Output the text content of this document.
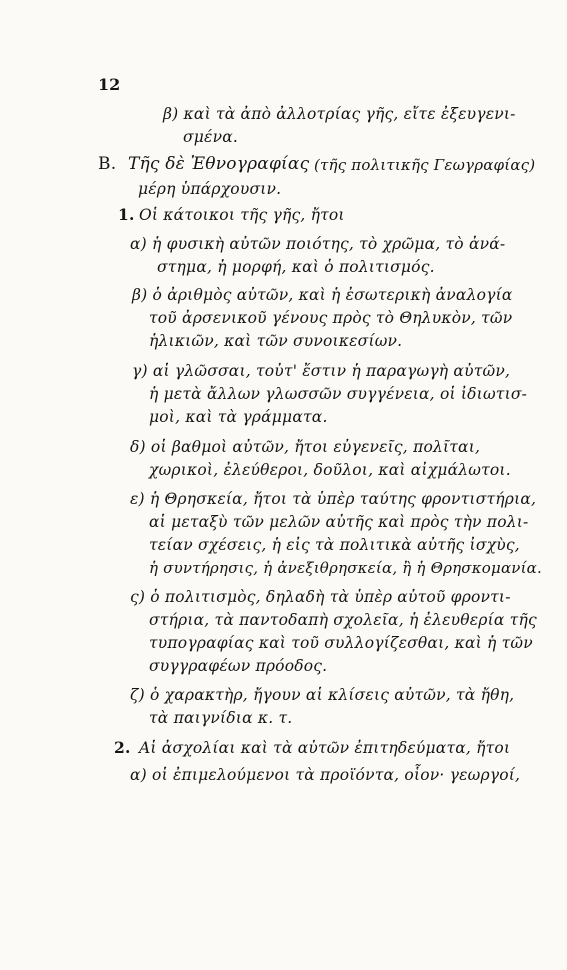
12
β) καὶ τὰ ἀπὸ ἀλλοτρίας γῆς, εἴτε ἐξευγενι-
σμένα.
B. Τῆς δὲ Ἐθνογραφίας (τῆς πολιτικῆς Γεωγραφίας)
μέρη ὑπάρχουσιν.
1. Οἱ κάτοικοι τῆς γῆς, ἤτοι
α) ἡ φυσικὴ αὐτῶν ποιότης, τὸ χρῶμα, τὸ ἀνά-
στημα, ἡ μορφή, καὶ ὁ πολιτισμός.
β) ὁ ἀριθμὸς αὐτῶν, καὶ ἡ ἐσωτερικὴ ἀναλογία
τοῦ ἀρσενικοῦ γένους πρὸς τὸ Θηλυκὸν, τῶν
ἡλικιῶν, καὶ τῶν συνοικεσίων.
γ) αἱ γλῶσσαι, τοὐτ' ἔστιν ἡ παραγωγὴ αὐτῶν,
ἡ μετὰ ἄλλων γλωσσῶν συγγένεια, οἱ ἰδιωτισ-
μοὶ, καὶ τὰ γράμματα.
δ) οἱ βαθμοὶ αὐτῶν, ἤτοι εὐγενεῖς, πολῖται,
χωρικοὶ, ἐλεύθεροι, δοῦλοι, καὶ αἰχμάλωτοι.
ε) ἡ Θρησκεία, ἤτοι τὰ ὑπὲρ ταύτης φροντιστήρια,
αἱ μεταξὺ τῶν μελῶν αὐτῆς καὶ πρὸς τὴν πολι-
τείαν σχέσεις, ἡ εἰς τὰ πολιτικὰ αὐτῆς ἰσχὺς,
ἡ συντήρησις, ἡ ἀνεξιθρησκεία, ἢ ἡ Θρησκομανία.
ς) ὁ πολιτισμὸς, δηλαδὴ τὰ ὑπὲρ αὐτοῦ φροντι-
στήρια, τὰ παντοδαπὴ σχολεῖα, ἡ ἐλευθερία τῆς
τυπογραφίας καὶ τοῦ συλλογίζεσθαι, καὶ ἡ τῶν
συγγραφέων πρόοδος.
ζ) ὁ χαρακτὴρ, ἤγουν αἱ κλίσεις αὐτῶν, τὰ ἤθη,
τὰ παιγνίδια κ. τ.
2. Αἱ ἀσχολίαι καὶ τὰ αὐτῶν ἐπιτηδεύματα, ἤτοι
α) οἱ ἐπιμελούμενοι τὰ προϊόντα, οἷον· γεωργοί,
